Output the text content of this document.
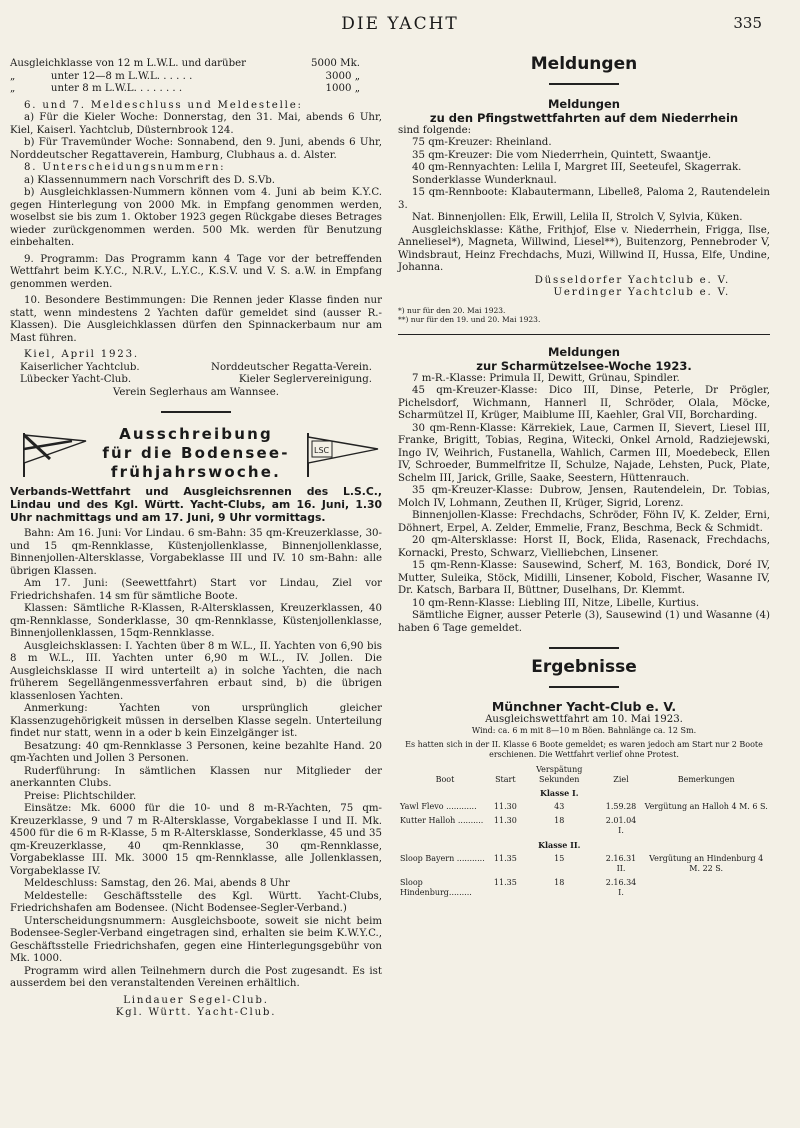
DIE YACHT	335
Ausgleichklasse von 12 m L.W.L. und darüber	5000 Mk.
„           unter 12—8 m L.W.L. . . . . .	3000 „
„           unter 8 m L.W.L. . . . . . . .	1000 „

6. und 7. Meldeschluss und Meldestelle:

a) Für die Kieler Woche: Donnerstag, den 31. Mai, abends 6 Uhr, Kiel, Kaiserl. Yachtclub, Düsternbrook 124.

b) Für Travemünder Woche: Sonnabend, den 9. Juni, abends 6 Uhr, Norddeutscher Regattaverein, Hamburg, Clubhaus a. d. Alster.

8. Unterscheidungsnummern:

a) Klassennummern nach Vorschrift des D. S.Vb.

b) Ausgleichklassen-Nummern können vom 4. Juni ab beim K.Y.C. gegen Hinterlegung von 2000 Mk. in Empfang genommen werden, woselbst sie bis zum 1. Oktober 1923 gegen Rückgabe dieses Betrages wieder zurückgenommen werden. 500 Mk. werden für Benutzung einbehalten.

9. Programm: Das Programm kann 4 Tage vor der betreffenden Wettfahrt beim K.Y.C., N.R.V., L.Y.C., K.S.V. und V. S. a.W. in Empfang genommen werden.

10. Besondere Bestimmungen: Die Rennen jeder Klasse finden nur statt, wenn mindestens 2 Yachten dafür gemeldet sind (ausser R.-Klassen). Die Ausgleichklassen dürfen den Spinnackerbaum nur am Mast führen.

Kiel, April 1923.

Kaiserlicher Yachtclub.	Norddeutscher Regatta-Verein.
Lübecker Yacht-Club.	Kieler Seglervereinigung.
Verein Seglerhaus am Wannsee.
Ausschreibung
für die Bodensee-
frühjahrswoche.
LSC

Verbands-Wettfahrt und Ausgleichsrennen des L.S.C., Lindau und des Kgl. Württ. Yacht-Clubs, am 16. Juni, 1.30 Uhr nachmittags und am 17. Juni, 9 Uhr vormittags.

Bahn: Am 16. Juni: Vor Lindau. 6 sm-Bahn: 35 qm-Kreuzerklasse, 30- und 15 qm-Rennklasse, Küstenjollenklasse, Binnenjollenklasse, Binnenjollen-Altersklasse, Vorgabeklasse III und IV. 10 sm-Bahn: alle übrigen Klassen.

Am 17. Juni: (Seewettfahrt) Start vor Lindau, Ziel vor Friedrichshafen. 14 sm für sämtliche Boote.

Klassen: Sämtliche R-Klassen, R-Altersklassen, Kreuzerklassen, 40 qm-Rennklasse, Sonderklasse, 30 qm-Rennklasse, Küstenjollenklasse, Binnenjollenklassen, 15qm-Rennklasse.

Ausgleichsklassen: I. Yachten über 8 m W.L., II. Yachten von 6,90 bis 8 m W.L., III. Yachten unter 6,90 m W.L., IV. Jollen. Die Ausgleichsklasse II wird unterteilt a) in solche Yachten, die nach früherem Segellängenmessverfahren erbaut sind, b) die übrigen klassenlosen Yachten.

Anmerkung: Yachten von ursprünglich gleicher Klassenzugehörigkeit müssen in derselben Klasse segeln. Unterteilung findet nur statt, wenn in a oder b kein Einzelgänger ist.

Besatzung: 40 qm-Rennklasse 3 Personen, keine bezahlte Hand. 20 qm-Yachten und Jollen 3 Personen.

Ruderführung: In sämtlichen Klassen nur Mitglieder der anerkannten Clubs.

Preise: Plichtschilder.

Einsätze: Mk. 6000 für die 10- und 8 m-R-Yachten, 75 qm-Kreuzerklasse, 9 und 7 m R-Altersklasse, Vorgabeklasse I und II. Mk. 4500 für die 6 m R-Klasse, 5 m R-Altersklasse, Sonderklasse, 45 und 35 qm-Kreuzerklasse, 40 qm-Rennklasse, 30 qm-Rennklasse, Vorgabeklasse III. Mk. 3000 15 qm-Rennklasse, alle Jollenklassen, Vorgabeklasse IV.

Meldeschluss: Samstag, den 26. Mai, abends 8 Uhr

Meldestelle: Geschäftsstelle des Kgl. Württ. Yacht-Clubs, Friedrichshafen am Bodensee. (Nicht Bodensee-Segler-Verband.)

Unterscheidungsnummern: Ausgleichsboote, soweit sie nicht beim Bodensee-Segler-Verband eingetragen sind, erhalten sie beim K.W.Y.C., Geschäftsstelle Friedrichshafen, gegen eine Hinterlegungsgebühr von Mk. 1000.

Programm wird allen Teilnehmern durch die Post zugesandt. Es ist ausserdem bei den veranstaltenden Vereinen erhältlich.

Lindauer Segel-Club.

Kgl. Württ. Yacht-Club.

Meldungen
Meldungen
zu den Pfingstwettfahrten auf dem Niederrhein

sind folgende:

75 qm-Kreuzer: Rheinland.

35 qm-Kreuzer: Die vom Niederrhein, Quintett, Swaantje.

40 qm-Rennyachten: Lelila I, Margret III, Seeteufel, Skagerrak.

Sonderklasse Wunderknaul.

15 qm-Rennboote: Klabautermann, Libelle8, Paloma 2, Rautendelein 3.

Nat. Binnenjollen: Elk, Erwill, Lelila II, Strolch V, Sylvia, Küken.

Ausgleichsklasse: Käthe, Frithjof, Else v. Niederrhein, Frigga, Ilse, Anneliesel*), Magneta, Willwind, Liesel**), Buitenzorg, Pennebroder V, Windsbraut, Heinz Frechdachs, Muzi, Willwind II, Hussa, Elfe, Undine, Johanna.

Düsseldorfer Yachtclub e. V.

Uerdinger Yachtclub e. V.

*) nur für den 20. Mai 1923.
**) nur für den 19. und 20. Mai 1923.
Meldungen
zur Scharmützelsee-Woche 1923.

7 m-R.-Klasse: Primula II, Dewitt, Grünau, Spindler.

45 qm-Kreuzer-Klasse: Dico III, Dinse, Peterle, Dr Prögler, Pichelsdorf, Wichmann, Hannerl II, Schröder, Olala, Möcke, Scharmützel II, Krüger, Maiblume III, Kaehler, Gral VII, Borcharding.

30 qm-Renn-Klasse: Kärrekiek, Laue, Carmen II, Sievert, Liesel III, Franke, Brigitt, Tobias, Regina, Witecki, Onkel Arnold, Radziejewski, Ingo IV, Weihrich, Fustanella, Wahlich, Carmen III, Moedebeck, Ellen IV, Schroeder, Bummelfritze II, Schulze, Najade, Lehsten, Puck, Plate, Schelm III, Jarick, Grille, Saake, Seestern, Hüttenrauch.

35 qm-Kreuzer-Klasse: Dubrow, Jensen, Rautendelein, Dr. Tobias, Molch IV, Lohmann, Zeuthen II, Krüger, Sigrid, Lorenz.

Binnenjollen-Klasse: Frechdachs, Schröder, Föhn IV, K. Zelder, Erni, Döhnert, Erpel, A. Zelder, Emmelie, Franz, Beschma, Beck & Schmidt.

20 qm-Altersklasse: Horst II, Bock, Elida, Rasenack, Frechdachs, Kornacki, Presto, Schwarz, Vielliebchen, Linsener.

15 qm-Renn-Klasse: Sausewind, Scherf, M. 163, Bondick, Doré IV, Mutter, Suleika, Stöck, Midilli, Linsener, Kobold, Fischer, Wasanne IV, Dr. Katsch, Barbara II, Büttner, Duselhans, Dr. Klemmt.

10 qm-Renn-Klasse: Liebling III, Nitze, Libelle, Kurtius.

Sämtliche Eigner, ausser Peterle (3), Sausewind (1) und Wasanne (4) haben 6 Tage gemeldet.

Ergebnisse
Münchner Yacht-Club e. V.
Ausgleichswettfahrt am 10. Mai 1923.
Wind: ca. 6 m mit 8—10 m Böen. Bahnlänge ca. 12 Sm.

Es hatten sich in der II. Klasse 6 Boote gemeldet; es waren jedoch am Start nur 2 Boote erschienen. Die Wettfahrt verlief ohne Protest.

Boot	Start	Verspätung Sekunden	Ziel	Bemerkungen
		Klasse I.		
Yawl Flevo ............	11.30	43	1.59.28	Vergütung an Halloh 4 M. 6 S.
Kutter Halloh ..........	11.30	18	2.01.04 I.	
		Klasse II.		
Sloop Bayern ...........	11.35	15	2.16.31 II.	Vergütung an Hindenburg 4 M. 22 S.
Sloop Hindenburg.........	11.35	18	2.16.34 I.	
